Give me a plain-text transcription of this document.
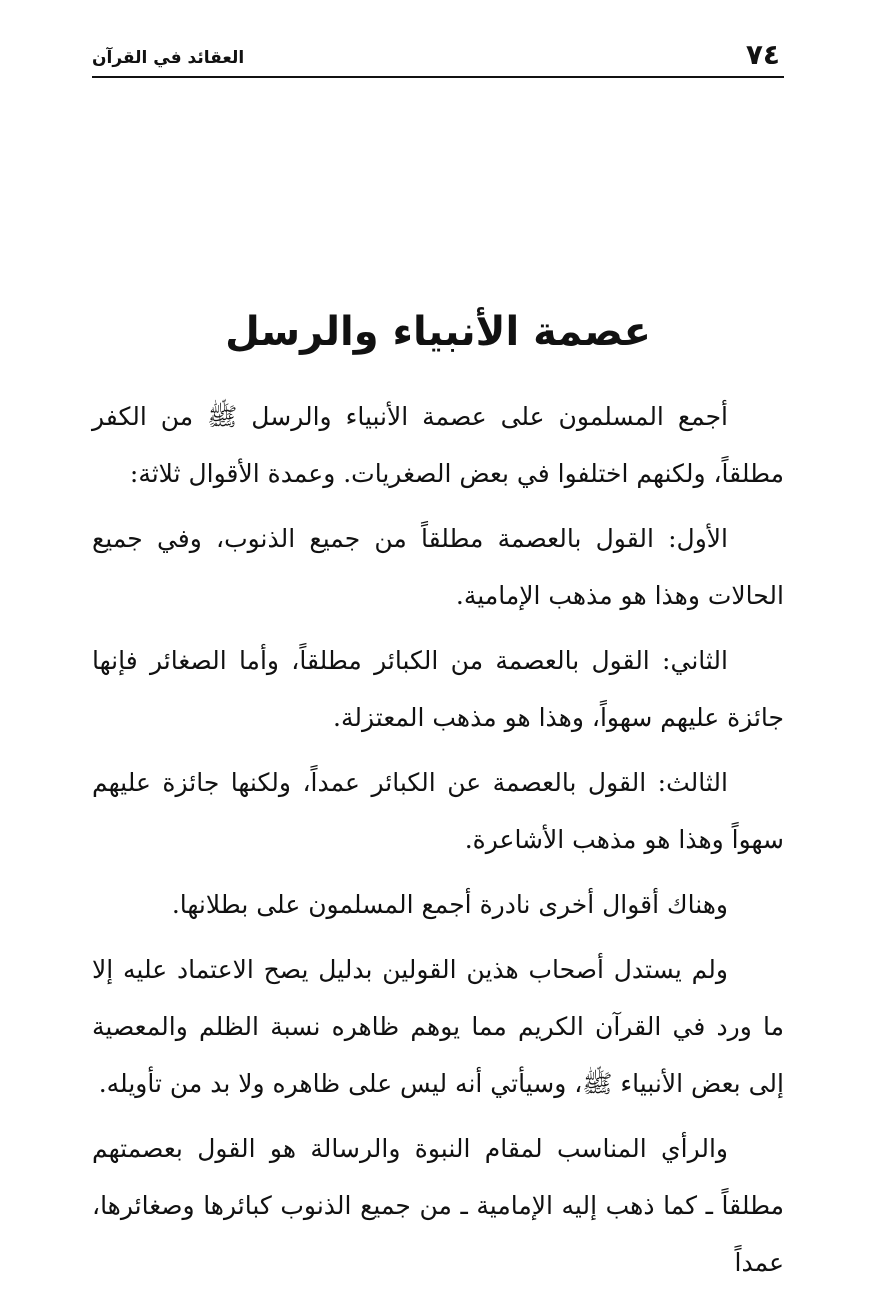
٧٤
العقائد في القرآن
عصمة الأنبياء والرسل

أجمع المسلمون على عصمة الأنبياء والرسل ﷺ من الكفر مطلقاً، ولكنهم اختلفوا في بعض الصغريات. وعمدة الأقوال ثلاثة:

الأول: القول بالعصمة مطلقاً من جميع الذنوب، وفي جميع الحالات وهذا هو مذهب الإمامية.

الثاني: القول بالعصمة من الكبائر مطلقاً، وأما الصغائر فإنها جائزة عليهم سهواً، وهذا هو مذهب المعتزلة.

الثالث: القول بالعصمة عن الكبائر عمداً، ولكنها جائزة عليهم سهواً وهذا هو مذهب الأشاعرة.

وهناك أقوال أخرى نادرة أجمع المسلمون على بطلانها.

ولم يستدل أصحاب هذين القولين بدليل يصح الاعتماد عليه إلا ما ورد في القرآن الكريم مما يوهم ظاهره نسبة الظلم والمعصية إلى بعض الأنبياء ﷺ، وسيأتي أنه ليس على ظاهره ولا بد من تأويله.

والرأي المناسب لمقام النبوة والرسالة هو القول بعصمتهم مطلقاً ـ كما ذهب إليه الإمامية ـ من جميع الذنوب كبائرها وصغائرها، عمداً
